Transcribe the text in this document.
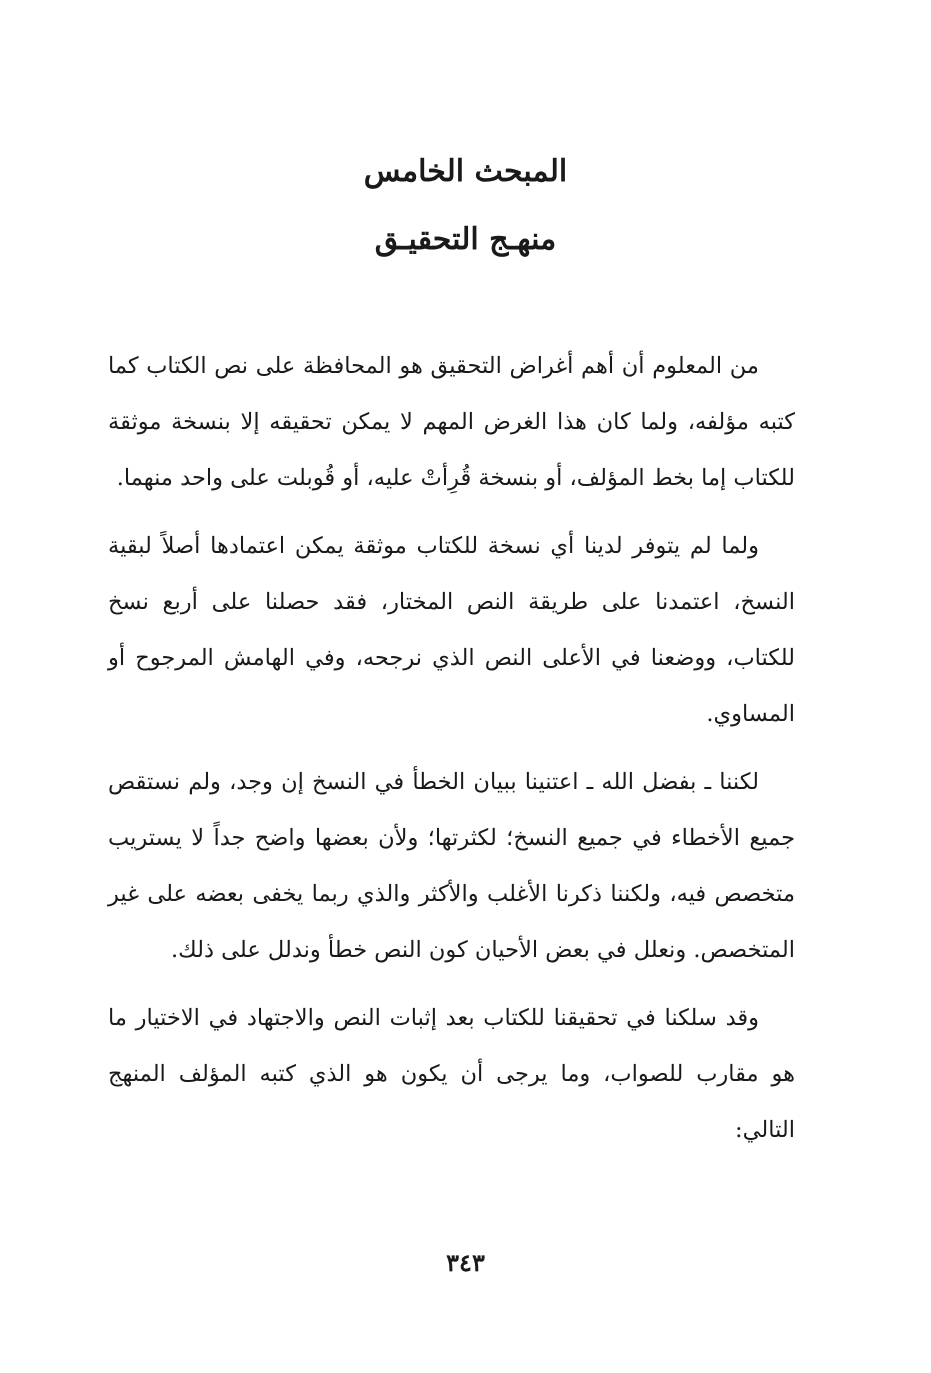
المبحث الخامس
منهـج التحقيـق

من المعلوم أن أهم أغراض التحقيق هو المحافظة على نص الكتاب كما كتبه مؤلفه، ولما كان هذا الغرض المهم لا يمكن تحقيقه إلا بنسخة موثقة للكتاب إما بخط المؤلف، أو بنسخة قُرِأتْ عليه، أو قُوبلت على واحد منهما.

ولما لم يتوفر لدينا أي نسخة للكتاب موثقة يمكن اعتمادها أصلاً لبقية النسخ، اعتمدنا على طريقة النص المختار، فقد حصلنا على أربع نسخ للكتاب، ووضعنا في الأعلى النص الذي نرجحه، وفي الهامش المرجوح أو المساوي.

لكننا ـ بفضل الله ـ اعتنينا ببيان الخطأ في النسخ إن وجد، ولم نستقص جميع الأخطاء في جميع النسخ؛ لكثرتها؛ ولأن بعضها واضح جداً لا يستريب متخصص فيه، ولكننا ذكرنا الأغلب والأكثر والذي ربما يخفى بعضه على غير المتخصص. ونعلل في بعض الأحيان كون النص خطأ وندلل على ذلك.

وقد سلكنا في تحقيقنا للكتاب بعد إثبات النص والاجتهاد في الاختيار ما هو مقارب للصواب، وما يرجى أن يكون هو الذي كتبه المؤلف المنهج التالي:

٣٤٣
